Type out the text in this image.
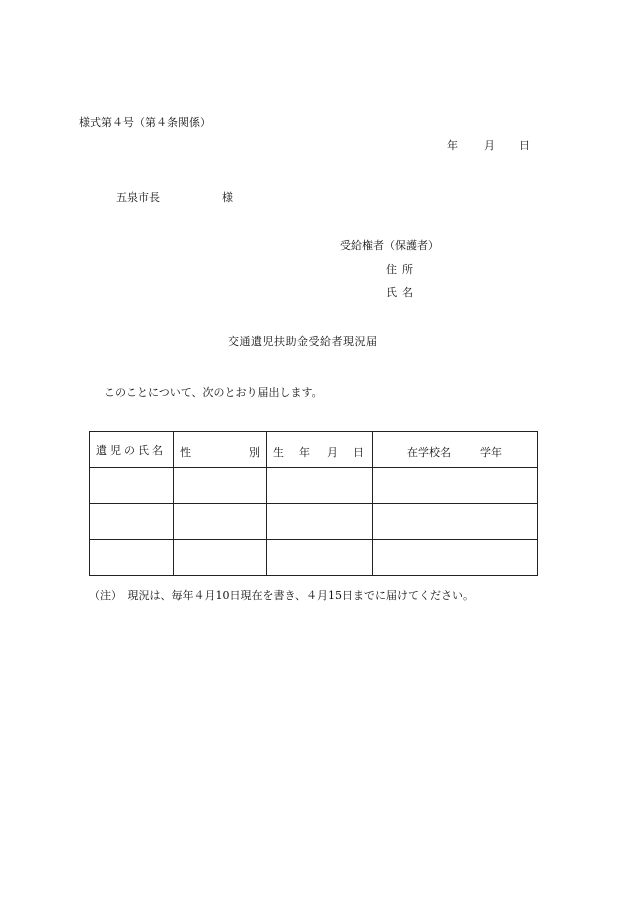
様式第４号（第４条関係）
年 月 日
五泉市長	様
受給権者（保護者）
住所
氏名
交通遺児扶助金受給者現況届
このことについて、次のとおり届出します。
遺児の氏名	性 別	生 年 月 日	在学校名 学年

（注）　現況は、毎年４月10日現在を書き、４月15日までに届けてください。
